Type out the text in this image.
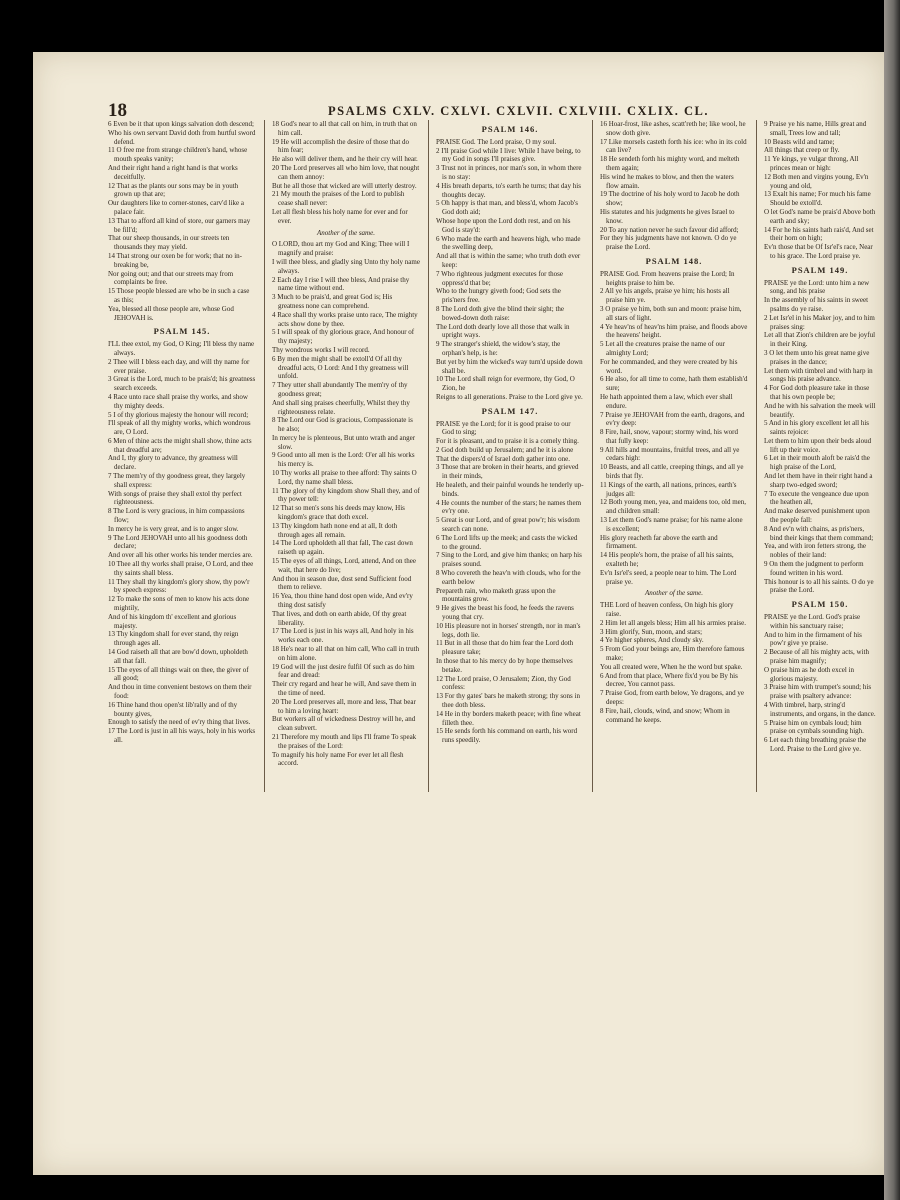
18	PSALMS CXLV. CXLVI. CXLVII. CXLVIII. CXLIX. CL.

6 Even be it that upon kings salvation doth descend;

Who his own servant David doth from hurtful sword defend.

11 O free me from strange children's hand, whose mouth speaks vanity;

And their right hand a right hand is that works deceitfully.

12 That as the plants our sons may be in youth grown up that are;

Our daughters like to corner-stones, carv'd like a palace fair.

13 That to afford all kind of store, our garners may be fill'd;

That our sheep thousands, in our streets ten thousands they may yield.

14 That strong our oxen be for work; that no in-breaking be,

Nor going out; and that our streets may from complaints be free.

15 Those people blessed are who be in such a case as this;

Yea, blessed all those people are, whose God JEHOVAH is.

PSALM 145.

I'LL thee extol, my God, O King; I'll bless thy name always.

2 Thee will I bless each day, and will thy name for ever praise.

3 Great is the Lord, much to be prais'd; his greatness search exceeds.

4 Race unto race shall praise thy works, and show thy mighty deeds.

5 I of thy glorious majesty the honour will record;

I'll speak of all thy mighty works, which wondrous are, O Lord.

6 Men of thine acts the might shall show, thine acts that dreadful are;

And I, thy glory to advance, thy greatness will declare.

7 The mem'ry of thy goodness great, they largely shall express:

With songs of praise they shall extol thy perfect righteousness.

8 The Lord is very gracious, in him compassions flow;

In mercy he is very great, and is to anger slow.

9 The Lord JEHOVAH unto all his goodness doth declare;

And over all his other works his tender mercies are.

10 Thee all thy works shall praise, O Lord, and thee thy saints shall bless.

11 They shall thy kingdom's glory show, thy pow'r by speech express:

12 To make the sons of men to know his acts done mightily,

And of his kingdom th' excellent and glorious majesty.

13 Thy kingdom shall for ever stand, thy reign through ages all.

14 God raiseth all that are bow'd down, upholdeth all that fall.

15 The eyes of all things wait on thee, the giver of all good;

And thou in time convenient bestows on them their food:

16 Thine hand thou open'st lib'rally and of thy bounty gives,

Enough to satisfy the need of ev'ry thing that lives.

17 The Lord is just in all his ways, holy in his works all.

18 God's near to all that call on him, in truth that on him call.

19 He will accomplish the desire of those that do him fear;

He also will deliver them, and he their cry will hear.

20 The Lord preserves all who him love, that nought can them annoy:

But he all those that wicked are will utterly destroy.

21 My mouth the praises of the Lord to publish cease shall never:

Let all flesh bless his holy name for ever and for ever.

Another of the same.

O LORD, thou art my God and King; Thee will I magnify and praise:

I will thee bless, and gladly sing Unto thy holy name always.

2 Each day I rise I will thee bless, And praise thy name time without end.

3 Much to be prais'd, and great God is; His greatness none can comprehend.

4 Race shall thy works praise unto race, The mighty acts show done by thee.

5 I will speak of thy glorious grace, And honour of thy majesty;

Thy wondrous works I will record.

6 By men the might shall be extoll'd Of all thy dreadful acts, O Lord: And I thy greatness will unfold.

7 They utter shall abundantly The mem'ry of thy goodness great;

And shall sing praises cheerfully, Whilst they thy righteousness relate.

8 The Lord our God is gracious, Compassionate is he also;

In mercy he is plenteous, But unto wrath and anger slow.

9 Good unto all men is the Lord: O'er all his works his mercy is.

10 Thy works all praise to thee afford: Thy saints O Lord, thy name shall bless.

11 The glory of thy kingdom show Shall they, and of thy power tell:

12 That so men's sons his deeds may know, His kingdom's grace that doth excel.

13 Thy kingdom hath none end at all, It doth through ages all remain.

14 The Lord upholdeth all that fall, The cast down raiseth up again.

15 The eyes of all things, Lord, attend, And on thee wait, that here do live;

And thou in season due, dost send Sufficient food them to relieve.

16 Yea, thou thine hand dost open wide, And ev'ry thing dost satisfy

That lives, and doth on earth abide, Of thy great liberality.

17 The Lord is just in his ways all, And holy in his works each one.

18 He's near to all that on him call, Who call in truth on him alone.

19 God will the just desire fulfil Of such as do him fear and dread:

Their cry regard and hear he will, And save them in the time of need.

20 The Lord preserves all, more and less, That bear to him a loving heart:

But workers all of wickedness Destroy will he, and clean subvert.

21 Therefore my mouth and lips I'll frame To speak the praises of the Lord:

To magnify his holy name For ever let all flesh accord.

PSALM 146.

PRAISE God. The Lord praise, O my soul.

2 I'll praise God while I live: While I have being, to my God in songs I'll praises give.

3 Trust not in princes, nor man's son, in whom there is no stay:

4 His breath departs, to's earth he turns; that day his thoughts decay.

5 Oh happy is that man, and bless'd, whom Jacob's God doth aid;

Whose hope upon the Lord doth rest, and on his God is stay'd:

6 Who made the earth and heavens high, who made the swelling deep,

And all that is within the same; who truth doth ever keep:

7 Who righteous judgment executes for those oppress'd that be;

Who to the hungry giveth food; God sets the pris'ners free.

8 The Lord doth give the blind their sight; the bowed-down doth raise:

The Lord doth dearly love all those that walk in upright ways.

9 The stranger's shield, the widow's stay, the orphan's help, is he:

But yet by him the wicked's way turn'd upside down shall be.

10 The Lord shall reign for evermore, thy God, O Zion, he

Reigns to all generations. Praise to the Lord give ye.

PSALM 147.

PRAISE ye the Lord; for it is good praise to our God to sing;

For it is pleasant, and to praise it is a comely thing.

2 God doth build up Jerusalem; and he it is alone

That the dispers'd of Israel doth gather into one.

3 Those that are broken in their hearts, and grieved in their minds,

He healeth, and their painful wounds he tenderly up-binds.

4 He counts the number of the stars; he names them ev'ry one.

5 Great is our Lord, and of great pow'r; his wisdom search can none.

6 The Lord lifts up the meek; and casts the wicked to the ground.

7 Sing to the Lord, and give him thanks; on harp his praises sound.

8 Who covereth the heav'n with clouds, who for the earth below

Prepareth rain, who maketh grass upon the mountains grow.

9 He gives the beast his food, he feeds the ravens young that cry.

10 His pleasure not in horses' strength, nor in man's legs, doth lie.

11 But in all those that do him fear the Lord doth pleasure take;

In those that to his mercy do by hope themselves betake.

12 The Lord praise, O Jerusalem; Zion, thy God confess:

13 For thy gates' bars he maketh strong; thy sons in thee doth bless.

14 He in thy borders maketh peace; with fine wheat filleth thee.

15 He sends forth his command on earth, his word runs speedily.

16 Hoar-frost, like ashes, scatt'reth he; like wool, he snow doth give.

17 Like morsels casteth forth his ice: who in its cold can live?

18 He sendeth forth his mighty word, and melteth them again;

His wind he makes to blow, and then the waters flow amain.

19 The doctrine of his holy word to Jacob he doth show;

His statutes and his judgments he gives Israel to know.

20 To any nation never he such favour did afford;

For they his judgments have not known. O do ye praise the Lord.

PSALM 148.

PRAISE God. From heavens praise the Lord; In heights praise to him be.

2 All ye his angels, praise ye him; his hosts all praise him ye.

3 O praise ye him, both sun and moon: praise him, all stars of light.

4 Ye heav'ns of heav'ns him praise, and floods above the heavens' height.

5 Let all the creatures praise the name of our almighty Lord;

For he commanded, and they were created by his word.

6 He also, for all time to come, hath them establish'd sure;

He hath appointed them a law, which ever shall endure.

7 Praise ye JEHOVAH from the earth, dragons, and ev'ry deep:

8 Fire, hail, snow, vapour; stormy wind, his word that fully keep:

9 All hills and mountains, fruitful trees, and all ye cedars high:

10 Beasts, and all cattle, creeping things, and all ye birds that fly.

11 Kings of the earth, all nations, princes, earth's judges all:

12 Both young men, yea, and maidens too, old men, and children small:

13 Let them God's name praise; for his name alone is excellent;

His glory reacheth far above the earth and firmament.

14 His people's horn, the praise of all his saints, exalteth he;

Ev'n Isr'el's seed, a people near to him. The Lord praise ye.

Another of the same.

THE Lord of heaven confess, On high his glory raise.

2 Him let all angels bless; Him all his armies praise.

3 Him glorify, Sun, moon, and stars;

4 Ye higher spheres, And cloudy sky.

5 From God your beings are, Him therefore famous make;

You all created were, When he the word but spake.

6 And from that place, Where fix'd you be By his decree, You cannot pass.

7 Praise God, from earth below, Ye dragons, and ye deeps:

8 Fire, hail, clouds, wind, and snow; Whom in command he keeps.

9 Praise ye his name, Hills great and small, Trees low and tall;

10 Beasts wild and tame;

All things that creep or fly.

11 Ye kings, ye vulgar throng, All princes mean or high:

12 Both men and virgins young, Ev'n young and old,

13 Exalt his name; For much his fame Should be extoll'd.

O let God's name be prais'd Above both earth and sky;

14 For he his saints hath rais'd, And set their horn on high;

Ev'n those that be Of Isr'el's race, Near to his grace. The Lord praise ye.

PSALM 149.

PRAISE ye the Lord: unto him a new song, and his praise

In the assembly of his saints in sweet psalms do ye raise.

2 Let Isr'el in his Maker joy, and to him praises sing:

Let all that Zion's children are be joyful in their King.

3 O let them unto his great name give praises in the dance;

Let them with timbrel and with harp in songs his praise advance.

4 For God doth pleasure take in those that his own people be;

And he with his salvation the meek will beautify.

5 And in his glory excellent let all his saints rejoice:

Let them to him upon their beds aloud lift up their voice.

6 Let in their mouth aloft be rais'd the high praise of the Lord,

And let them have in their right hand a sharp two-edged sword;

7 To execute the vengeance due upon the heathen all,

And make deserved punishment upon the people fall:

8 And ev'n with chains, as pris'ners, bind their kings that them command;

Yea, and with iron fetters strong, the nobles of their land:

9 On them the judgment to perform found written in his word.

This honour is to all his saints. O do ye praise the Lord.

PSALM 150.

PRAISE ye the Lord. God's praise within his sanctuary raise;

And to him in the firmament of his pow'r give ye praise.

2 Because of all his mighty acts, with praise him magnify;

O praise him as he doth excel in glorious majesty.

3 Praise him with trumpet's sound; his praise with psaltery advance:

4 With timbrel, harp, string'd instruments, and organs, in the dance.

5 Praise him on cymbals loud; him praise on cymbals sounding high.

6 Let each thing breathing praise the Lord. Praise to the Lord give ye.
